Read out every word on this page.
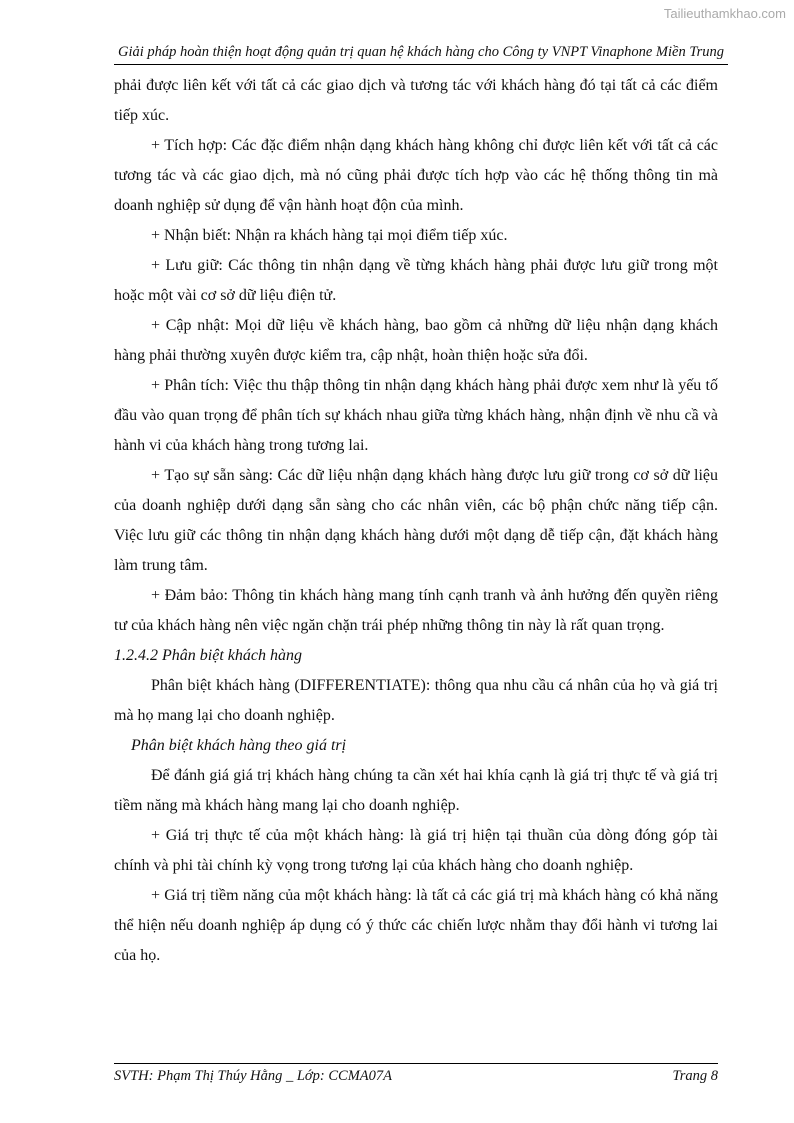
Tailieuthamkhao.com
Giải pháp hoàn thiện hoạt động quản trị quan hệ khách hàng cho Công ty VNPT Vinaphone Miền Trung

phải được liên kết với tất cả các giao dịch và tương tác với khách hàng đó tại tất cả các điểm tiếp xúc.

+ Tích hợp: Các đặc điểm nhận dạng khách hàng không chỉ được liên kết với tất cả các tương tác và các giao dịch, mà nó cũng phải được tích hợp vào các hệ thống thông tin mà doanh nghiệp sử dụng để vận hành hoạt độn của mình.

+ Nhận biết: Nhận ra khách hàng tại mọi điểm tiếp xúc.

+ Lưu giữ: Các thông tin nhận dạng về từng khách hàng phải được lưu giữ trong một hoặc một vài cơ sở dữ liệu điện tử.

+ Cập nhật: Mọi dữ liệu về khách hàng, bao gồm cả những dữ liệu nhận dạng khách hàng phải thường xuyên được kiểm tra, cập nhật, hoàn thiện hoặc sửa đổi.

+ Phân tích: Việc thu thập thông tin nhận dạng khách hàng phải được xem như là yếu tố đầu vào quan trọng để phân tích sự khách nhau giữa từng khách hàng, nhận định về nhu cầ và hành vi của khách hàng trong tương lai.

+ Tạo sự sẵn sàng: Các dữ liệu nhận dạng khách hàng được lưu giữ trong cơ sở dữ liệu của doanh nghiệp dưới dạng sẵn sàng cho các nhân viên, các bộ phận chức năng tiếp cận. Việc lưu giữ các thông tin nhận dạng khách hàng dưới một dạng dễ tiếp cận, đặt khách hàng làm trung tâm.

+ Đảm bảo: Thông tin khách hàng mang tính cạnh tranh và ảnh hưởng đến quyền riêng tư của khách hàng nên việc ngăn chặn trái phép những thông tin này là rất quan trọng.

1.2.4.2 Phân biệt khách hàng

Phân biệt khách hàng (DIFFERENTIATE): thông qua nhu cầu cá nhân của họ và giá trị mà họ mang lại cho doanh nghiệp.

Phân biệt khách hàng theo giá trị

Để đánh giá giá trị khách hàng chúng ta cần xét hai khía cạnh là giá trị thực tế và giá trị tiềm năng mà khách hàng mang lại cho doanh nghiệp.

+ Giá trị thực tế của một khách hàng: là giá trị hiện tại thuần của dòng đóng góp tài chính và phi tài chính kỳ vọng trong tương lại của khách hàng cho doanh nghiệp.

+ Giá trị tiềm năng của một khách hàng: là tất cả các giá trị mà khách hàng có khả năng thể hiện nếu doanh nghiệp áp dụng có ý thức các chiến lược nhằm thay đổi hành vi tương lai của họ.

SVTH: Phạm Thị Thúy Hằng _ Lớp: CCMA07A	Trang 8
